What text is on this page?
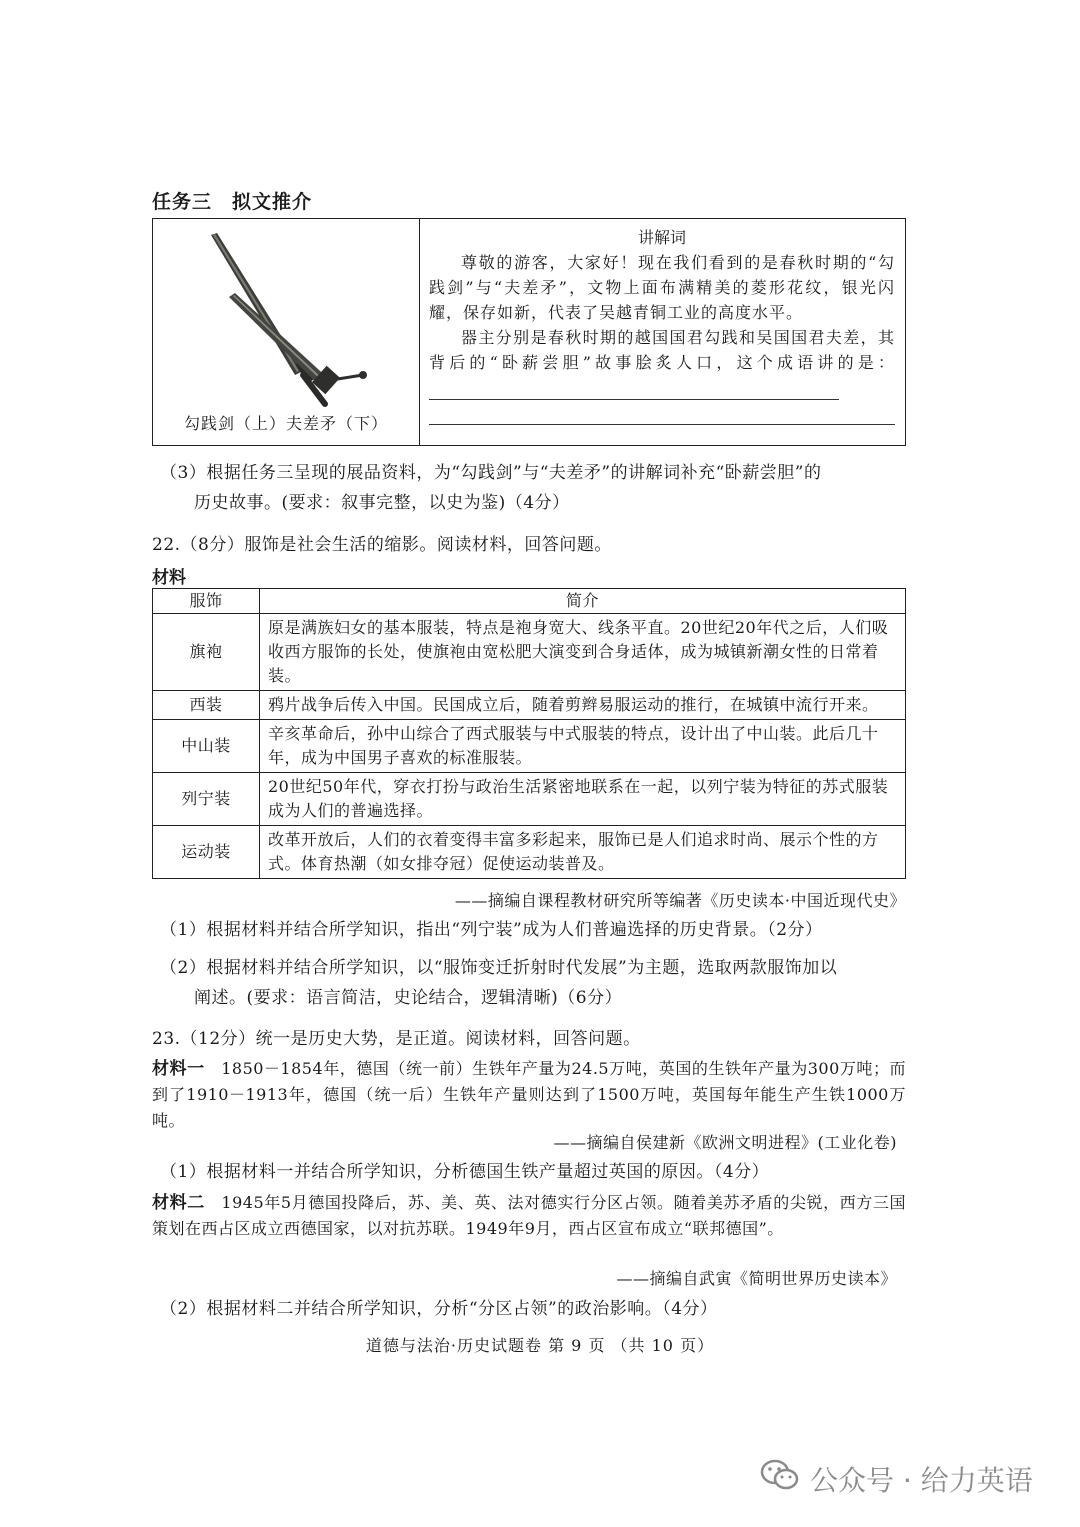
任务三　拟文推介
勾践剑（上）夫差矛（下）
讲解词

尊敬的游客，大家好！现在我们看到的是春秋时期的“勾践剑”与“夫差矛”，文物上面布满精美的菱形花纹，银光闪耀，保存如新，代表了吴越青铜工业的高度水平。

器主分别是春秋时期的越国国君勾践和吴国国君夫差，其背后的“卧薪尝胆”故事脍炙人口，这个成语讲的是：

（3）根据任务三呈现的展品资料，为“勾践剑”与“夫差矛”的讲解词补充“卧薪尝胆”的
历史故事。(要求：叙事完整，以史为鉴)（4分）
22.（8分）服饰是社会生活的缩影。阅读材料，回答问题。
材料
服饰	简介
旗袍	原是满族妇女的基本服装，特点是袍身宽大、线条平直。20世纪20年代之后，人们吸收西方服饰的长处，使旗袍由宽松肥大演变到合身适体，成为城镇新潮女性的日常着装。
西装	鸦片战争后传入中国。民国成立后，随着剪辫易服运动的推行，在城镇中流行开来。
中山装	辛亥革命后，孙中山综合了西式服装与中式服装的特点，设计出了中山装。此后几十年，成为中国男子喜欢的标准服装。
列宁装	20世纪50年代，穿衣打扮与政治生活紧密地联系在一起，以列宁装为特征的苏式服装成为人们的普遍选择。
运动装	改革开放后，人们的衣着变得丰富多彩起来，服饰已是人们追求时尚、展示个性的方式。体育热潮（如女排夺冠）促使运动装普及。
——摘编自课程教材研究所等编著《历史读本·中国近现代史》
（1）根据材料并结合所学知识，指出“列宁装”成为人们普遍选择的历史背景。（2分）
（2）根据材料并结合所学知识，以“服饰变迁折射时代发展”为主题，选取两款服饰加以
阐述。(要求：语言简洁，史论结合，逻辑清晰)（6分）
23.（12分）统一是历史大势，是正道。阅读材料，回答问题。
材料一　1850－1854年，德国（统一前）生铁年产量为24.5万吨，英国的生铁年产量为300万吨；而到了1910－1913年，德国（统一后）生铁年产量则达到了1500万吨，英国每年能生产生铁1000万吨。
——摘编自侯建新《欧洲文明进程》(工业化卷)
（1）根据材料一并结合所学知识，分析德国生铁产量超过英国的原因。（4分）
材料二　1945年5月德国投降后，苏、美、英、法对德实行分区占领。随着美苏矛盾的尖锐，西方三国策划在西占区成立西德国家，以对抗苏联。1949年9月，西占区宣布成立“联邦德国”。
——摘编自武寅《简明世界历史读本》
（2）根据材料二并结合所学知识，分析“分区占领”的政治影响。（4分）
道德与法治·历史试题卷 第 9 页 （共 10 页）
公众号 · 给力英语
